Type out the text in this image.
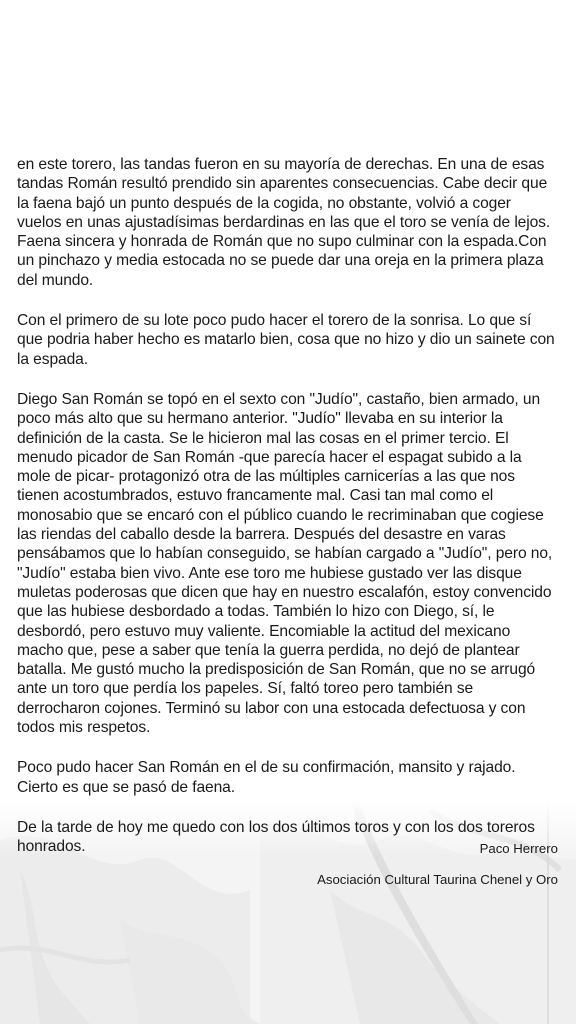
en este torero, las tandas fueron en su mayoría de derechas. En una de esas tandas Román resultó prendido sin aparentes consecuencias. Cabe decir que la faena bajó un punto después de la cogida, no obstante, volvió a coger vuelos en unas ajustadísimas berdardinas en las que el toro se venía de lejos. Faena sincera y honrada de Román que no supo culminar con la espada.Con un pinchazo y media estocada no se puede dar una oreja en la primera plaza del mundo.

Con el primero de su lote poco pudo hacer el torero de la sonrisa. Lo que sí que podria haber hecho es matarlo bien, cosa que no hizo y dio un sainete con la espada.

Diego San Román se topó en el sexto con "Judío", castaño, bien armado, un poco más alto que su hermano anterior. "Judío" llevaba en su interior la definición de la casta. Se le hicieron mal las cosas en el primer tercio. El menudo picador de San Román -que parecía hacer el espagat subido a la mole de picar- protagonizó otra de las múltiples carnicerías a las que nos tienen acostumbrados, estuvo francamente mal. Casi tan mal como el monosabio que se encaró con el público cuando le recriminaban que cogiese las riendas del caballo desde la barrera. Después del desastre en varas pensábamos que lo habían conseguido, se habían cargado a "Judío", pero no, "Judío" estaba bien vivo. Ante ese toro me hubiese gustado ver las disque muletas poderosas que dicen que hay en nuestro escalafón, estoy convencido que las hubiese desbordado a todas. También lo hizo con Diego, sí, le desbordó, pero estuvo muy valiente. Encomiable la actitud del mexicano macho que, pese a saber que tenía la guerra perdida, no dejó de plantear batalla. Me gustó mucho la predisposición de San Román, que no se arrugó ante un toro que perdía los papeles. Sí, faltó toreo pero también se derrocharon cojones. Terminó su labor con una estocada defectuosa y con todos mis respetos.

Poco pudo hacer San Román en el de su confirmación, mansito y rajado. Cierto es que se pasó de faena.

De la tarde de hoy me quedo con los dos últimos toros y con los dos toreros honrados.	Paco Herrero
Asociación Cultural Taurina Chenel y Oro
